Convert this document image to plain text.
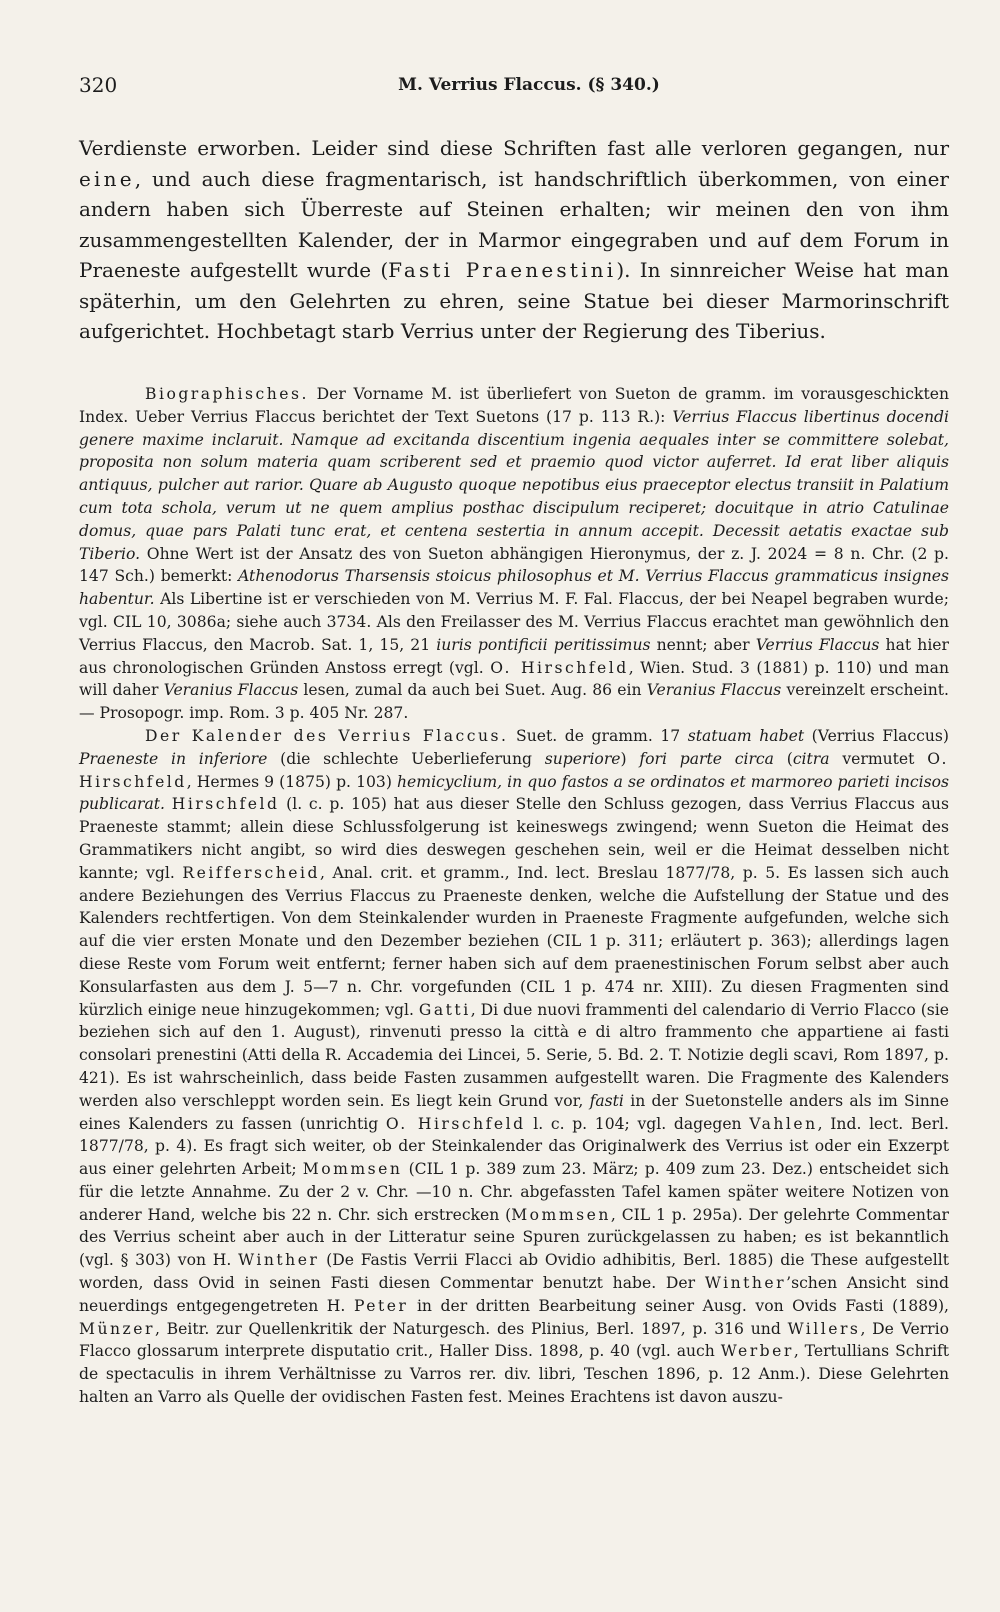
320	M. Verrius Flaccus. (§ 340.)

Verdienste erworben. Leider sind diese Schriften fast alle verloren gegangen, nur eine, und auch diese fragmentarisch, ist handschriftlich überkommen, von einer andern haben sich Überreste auf Steinen erhalten; wir meinen den von ihm zusammengestellten Kalender, der in Marmor eingegraben und auf dem Forum in Praeneste aufgestellt wurde (Fasti Praenestini). In sinnreicher Weise hat man späterhin, um den Gelehrten zu ehren, seine Statue bei dieser Marmorinschrift aufgerichtet. Hochbetagt starb Verrius unter der Regierung des Tiberius.

Biographisches. Der Vorname M. ist überliefert von Sueton de gramm. im vorausgeschickten Index. Ueber Verrius Flaccus berichtet der Text Suetons (17 p. 113 R.): Verrius Flaccus libertinus docendi genere maxime inclaruit. Namque ad excitanda discentium ingenia aequales inter se committere solebat, proposita non solum materia quam scriberent sed et praemio quod victor auferret. Id erat liber aliquis antiquus, pulcher aut rarior. Quare ab Augusto quoque nepotibus eius praeceptor electus transiit in Palatium cum tota schola, verum ut ne quem amplius posthac discipulum reciperet; docuitque in atrio Catulinae domus, quae pars Palati tunc erat, et centena sestertia in annum accepit. Decessit aetatis exactae sub Tiberio. Ohne Wert ist der Ansatz des von Sueton abhängigen Hieronymus, der z. J. 2024 = 8 n. Chr. (2 p. 147 Sch.) bemerkt: Athenodorus Tharsensis stoicus philosophus et M. Verrius Flaccus grammaticus insignes habentur. Als Libertine ist er verschieden von M. Verrius M. F. Fal. Flaccus, der bei Neapel begraben wurde; vgl. CIL 10, 3086a; siehe auch 3734. Als den Freilasser des M. Verrius Flaccus erachtet man gewöhnlich den Verrius Flaccus, den Macrob. Sat. 1, 15, 21 iuris pontificii peritissimus nennt; aber Verrius Flaccus hat hier aus chronologischen Gründen Anstoss erregt (vgl. O. Hirschfeld, Wien. Stud. 3 (1881) p. 110) und man will daher Veranius Flaccus lesen, zumal da auch bei Suet. Aug. 86 ein Veranius Flaccus vereinzelt erscheint. — Prosopogr. imp. Rom. 3 p. 405 Nr. 287.

Der Kalender des Verrius Flaccus. Suet. de gramm. 17 statuam habet (Verrius Flaccus) Praeneste in inferiore (die schlechte Ueberlieferung superiore) fori parte circa (citra vermutet O. Hirschfeld, Hermes 9 (1875) p. 103) hemicyclium, in quo fastos a se ordinatos et marmoreo parieti incisos publicarat. Hirschfeld (l. c. p. 105) hat aus dieser Stelle den Schluss gezogen, dass Verrius Flaccus aus Praeneste stammt; allein diese Schlussfolgerung ist keineswegs zwingend; wenn Sueton die Heimat des Grammatikers nicht angibt, so wird dies deswegen geschehen sein, weil er die Heimat desselben nicht kannte; vgl. Reifferscheid, Anal. crit. et gramm., Ind. lect. Breslau 1877/78, p. 5. Es lassen sich auch andere Beziehungen des Verrius Flaccus zu Praeneste denken, welche die Aufstellung der Statue und des Kalenders rechtfertigen. Von dem Steinkalender wurden in Praeneste Fragmente aufgefunden, welche sich auf die vier ersten Monate und den Dezember beziehen (CIL 1 p. 311; erläutert p. 363); allerdings lagen diese Reste vom Forum weit entfernt; ferner haben sich auf dem praenestinischen Forum selbst aber auch Konsularfasten aus dem J. 5—7 n. Chr. vorgefunden (CIL 1 p. 474 nr. XIII). Zu diesen Fragmenten sind kürzlich einige neue hinzugekommen; vgl. Gatti, Di due nuovi frammenti del calendario di Verrio Flacco (sie beziehen sich auf den 1. August), rinvenuti presso la città e di altro frammento che appartiene ai fasti consolari prenestini (Atti della R. Accademia dei Lincei, 5. Serie, 5. Bd. 2. T. Notizie degli scavi, Rom 1897, p. 421). Es ist wahrscheinlich, dass beide Fasten zusammen aufgestellt waren. Die Fragmente des Kalenders werden also verschleppt worden sein. Es liegt kein Grund vor, fasti in der Suetonstelle anders als im Sinne eines Kalenders zu fassen (unrichtig O. Hirschfeld l. c. p. 104; vgl. dagegen Vahlen, Ind. lect. Berl. 1877/78, p. 4). Es fragt sich weiter, ob der Steinkalender das Originalwerk des Verrius ist oder ein Exzerpt aus einer gelehrten Arbeit; Mommsen (CIL 1 p. 389 zum 23. März; p. 409 zum 23. Dez.) entscheidet sich für die letzte Annahme. Zu der 2 v. Chr. —10 n. Chr. abgefassten Tafel kamen später weitere Notizen von anderer Hand, welche bis 22 n. Chr. sich erstrecken (Mommsen, CIL 1 p. 295a). Der gelehrte Commentar des Verrius scheint aber auch in der Litteratur seine Spuren zurückgelassen zu haben; es ist bekanntlich (vgl. § 303) von H. Winther (De Fastis Verrii Flacci ab Ovidio adhibitis, Berl. 1885) die These aufgestellt worden, dass Ovid in seinen Fasti diesen Commentar benutzt habe. Der Winther’schen Ansicht sind neuerdings entgegengetreten H. Peter in der dritten Bearbeitung seiner Ausg. von Ovids Fasti (1889), Münzer, Beitr. zur Quellenkritik der Naturgesch. des Plinius, Berl. 1897, p. 316 und Willers, De Verrio Flacco glossarum interprete disputatio crit., Haller Diss. 1898, p. 40 (vgl. auch Werber, Tertullians Schrift de spectaculis in ihrem Verhältnisse zu Varros rer. div. libri, Teschen 1896, p. 12 Anm.). Diese Gelehrten halten an Varro als Quelle der ovidischen Fasten fest. Meines Erachtens ist davon auszu-
